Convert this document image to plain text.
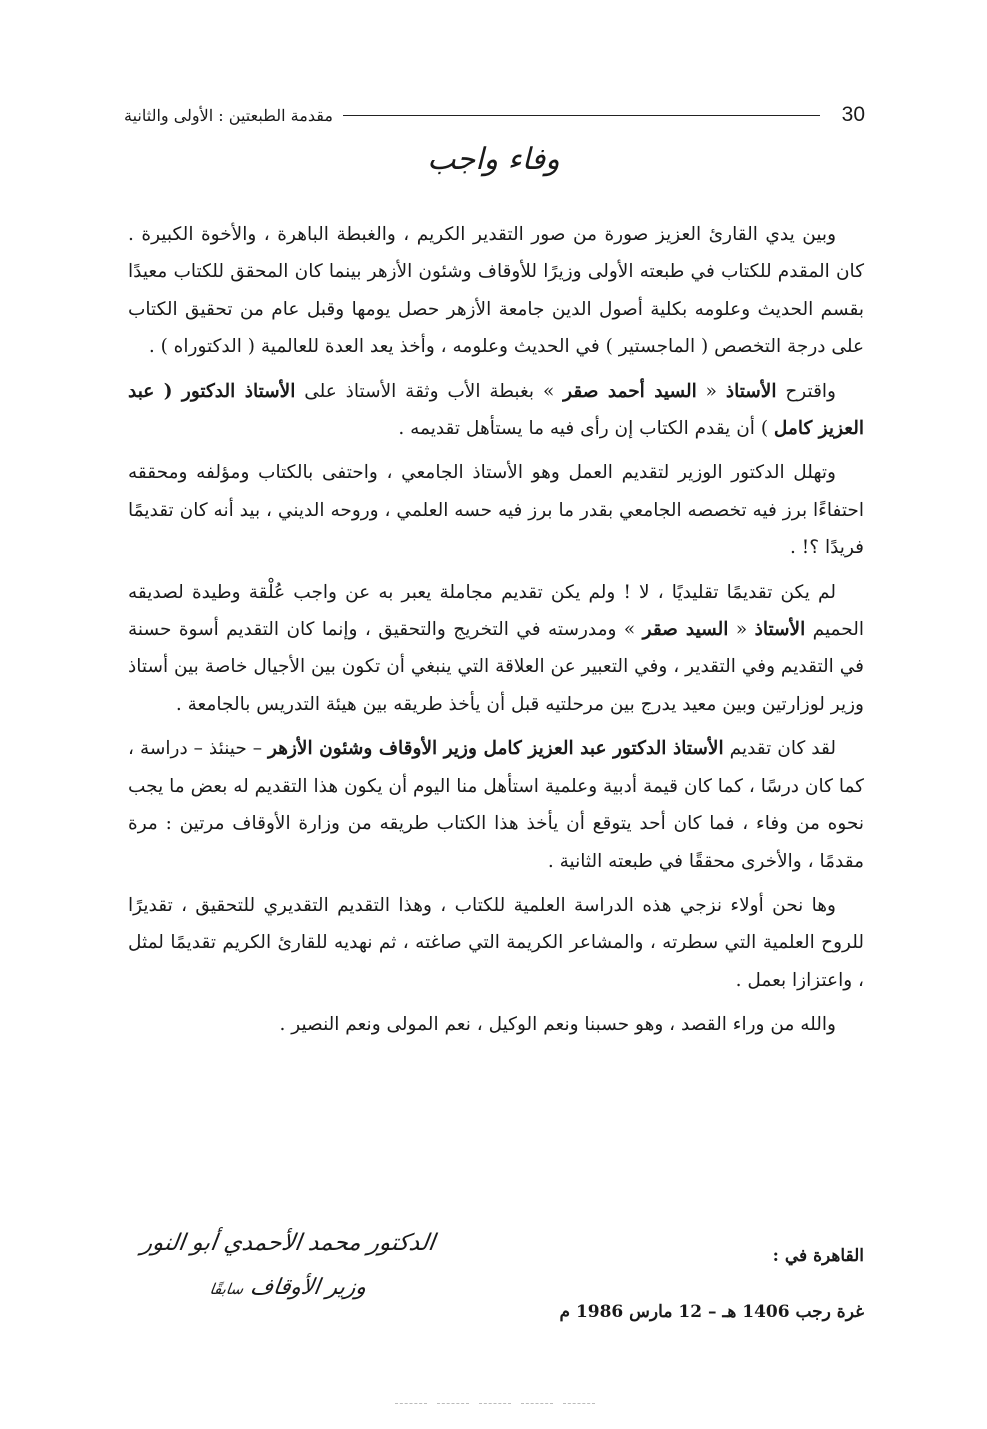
30
مقدمة الطبعتين : الأولى والثانية
وفاء واجب

وبين يدي القارئ العزيز صورة من صور التقدير الكريم ، والغبطة الباهرة ، والأخوة الكبيرة . كان المقدم للكتاب في طبعته الأولى وزيرًا للأوقاف وشئون الأزهر بينما كان المحقق للكتاب معيدًا بقسم الحديث وعلومه بكلية أصول الدين جامعة الأزهر حصل يومها وقبل عام من تحقيق الكتاب على درجة التخصص ( الماجستير ) في الحديث وعلومه ، وأخذ يعد العدة للعالمية ( الدكتوراه ) .

واقترح الأستاذ « السيد أحمد صقر » بغبطة الأب وثقة الأستاذ على الأستاذ الدكتور ( عبد العزيز كامل ) أن يقدم الكتاب إن رأى فيه ما يستأهل تقديمه .

وتهلل الدكتور الوزير لتقديم العمل وهو الأستاذ الجامعي ، واحتفى بالكتاب ومؤلفه ومحققه احتفاءًا برز فيه تخصصه الجامعي بقدر ما برز فيه حسه العلمي ، وروحه الديني ، بيد أنه كان تقديمًا فريدًا ؟! .

لم يكن تقديمًا تقليديًا ، لا ! ولم يكن تقديم مجاملة يعبر به عن واجب عُلْقة وطيدة لصديقه الحميم الأستاذ « السيد صقر » ومدرسته في التخريج والتحقيق ، وإنما كان التقديم أسوة حسنة في التقديم وفي التقدير ، وفي التعبير عن العلاقة التي ينبغي أن تكون بين الأجيال خاصة بين أستاذ وزير لوزارتين وبين معيد يدرج بين مرحلتيه قبل أن يأخذ طريقه بين هيئة التدريس بالجامعة .

لقد كان تقديم الأستاذ الدكتور عبد العزيز كامل وزير الأوقاف وشئون الأزهر – حينئذ – دراسة ، كما كان درسًا ، كما كان قيمة أدبية وعلمية استأهل منا اليوم أن يكون هذا التقديم له بعض ما يجب نحوه من وفاء ، فما كان أحد يتوقع أن يأخذ هذا الكتاب طريقه من وزارة الأوقاف مرتين : مرة مقدمًا ، والأخرى محققًا في طبعته الثانية .

وها نحن أولاء نزجي هذه الدراسة العلمية للكتاب ، وهذا التقديم التقديري للتحقيق ، تقديرًا للروح العلمية التي سطرته ، والمشاعر الكريمة التي صاغته ، ثم نهديه للقارئ الكريم تقديمًا لمثل ، واعتزازا بعمل .

والله من وراء القصد ، وهو حسبنا ونعم الوكيل ، نعم المولى ونعم النصير .

القاهرة في :
غرة رجب 1406 هـ – 12 مارس 1986 م
الدكتور محمد الأحمدي أبو النور
وزير الأوقاف سابقًا
